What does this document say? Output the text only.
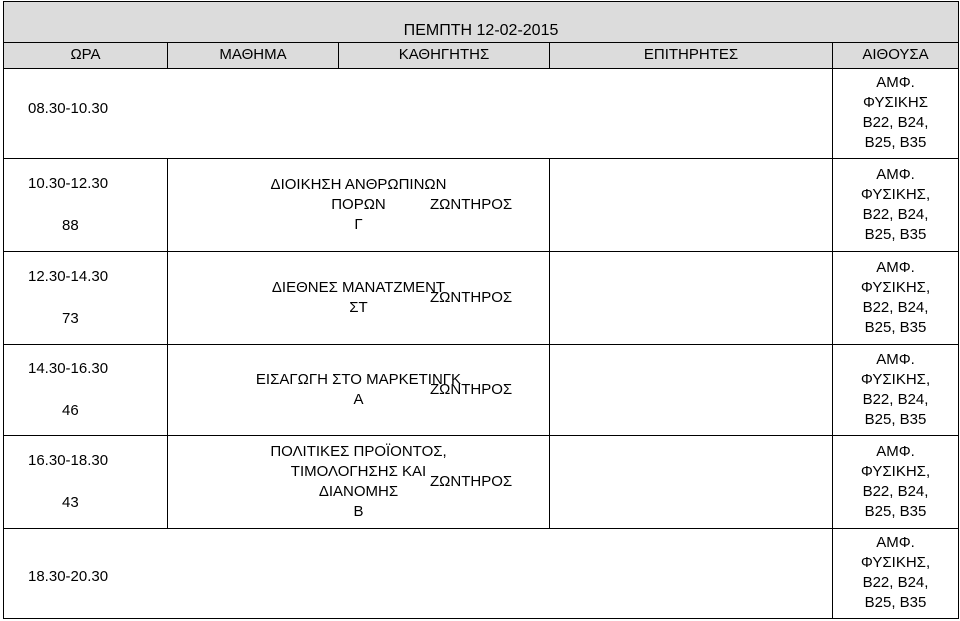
ΠΕΜΠΤΗ 12-02-2015				
ΩΡΑ	ΜΑΘΗΜΑ	ΚΑΘΗΓΗΤΗΣ	ΕΠΙΤΗΡΗΤΕΣ	ΑΙΘΟΥΣΑ
08.30-10.30				ΑΜΦ.
ΦΥΣΙΚΗΣ
Β22, Β24,
Β25, Β35

10.30-12.30
88	ΔΙΟΙΚΗΣΗ ΑΝΘΡΩΠΙΝΩΝ
ΠΟΡΩΝ
Γ		ΖΩΝΤΗΡΟΣ	ΑΜΦ.
ΦΥΣΙΚΗΣ,
Β22, Β24,
Β25, Β35

12.30-14.30
73	ΔΙΕΘΝΕΣ ΜΑΝΑΤΖΜΕΝΤ
ΣΤ		ΖΩΝΤΗΡΟΣ	ΑΜΦ.
ΦΥΣΙΚΗΣ,
Β22, Β24,
Β25, Β35

14.30-16.30
46	ΕΙΣΑΓΩΓΗ ΣΤΟ ΜΑΡΚΕΤΙΝΓΚ
Α		ΖΩΝΤΗΡΟΣ	ΑΜΦ.
ΦΥΣΙΚΗΣ,
Β22, Β24,
Β25, Β35

16.30-18.30
43	ΠΟΛΙΤΙΚΕΣ ΠΡΟΪΟΝΤΟΣ,
ΤΙΜΟΛΟΓΗΣΗΣ ΚΑΙ
ΔΙΑΝΟΜΗΣ
Β		ΖΩΝΤΗΡΟΣ	ΑΜΦ.
ΦΥΣΙΚΗΣ,
Β22, Β24,
Β25, Β35

18.30-20.30				ΑΜΦ.
ΦΥΣΙΚΗΣ,
Β22, Β24,
Β25, Β35
